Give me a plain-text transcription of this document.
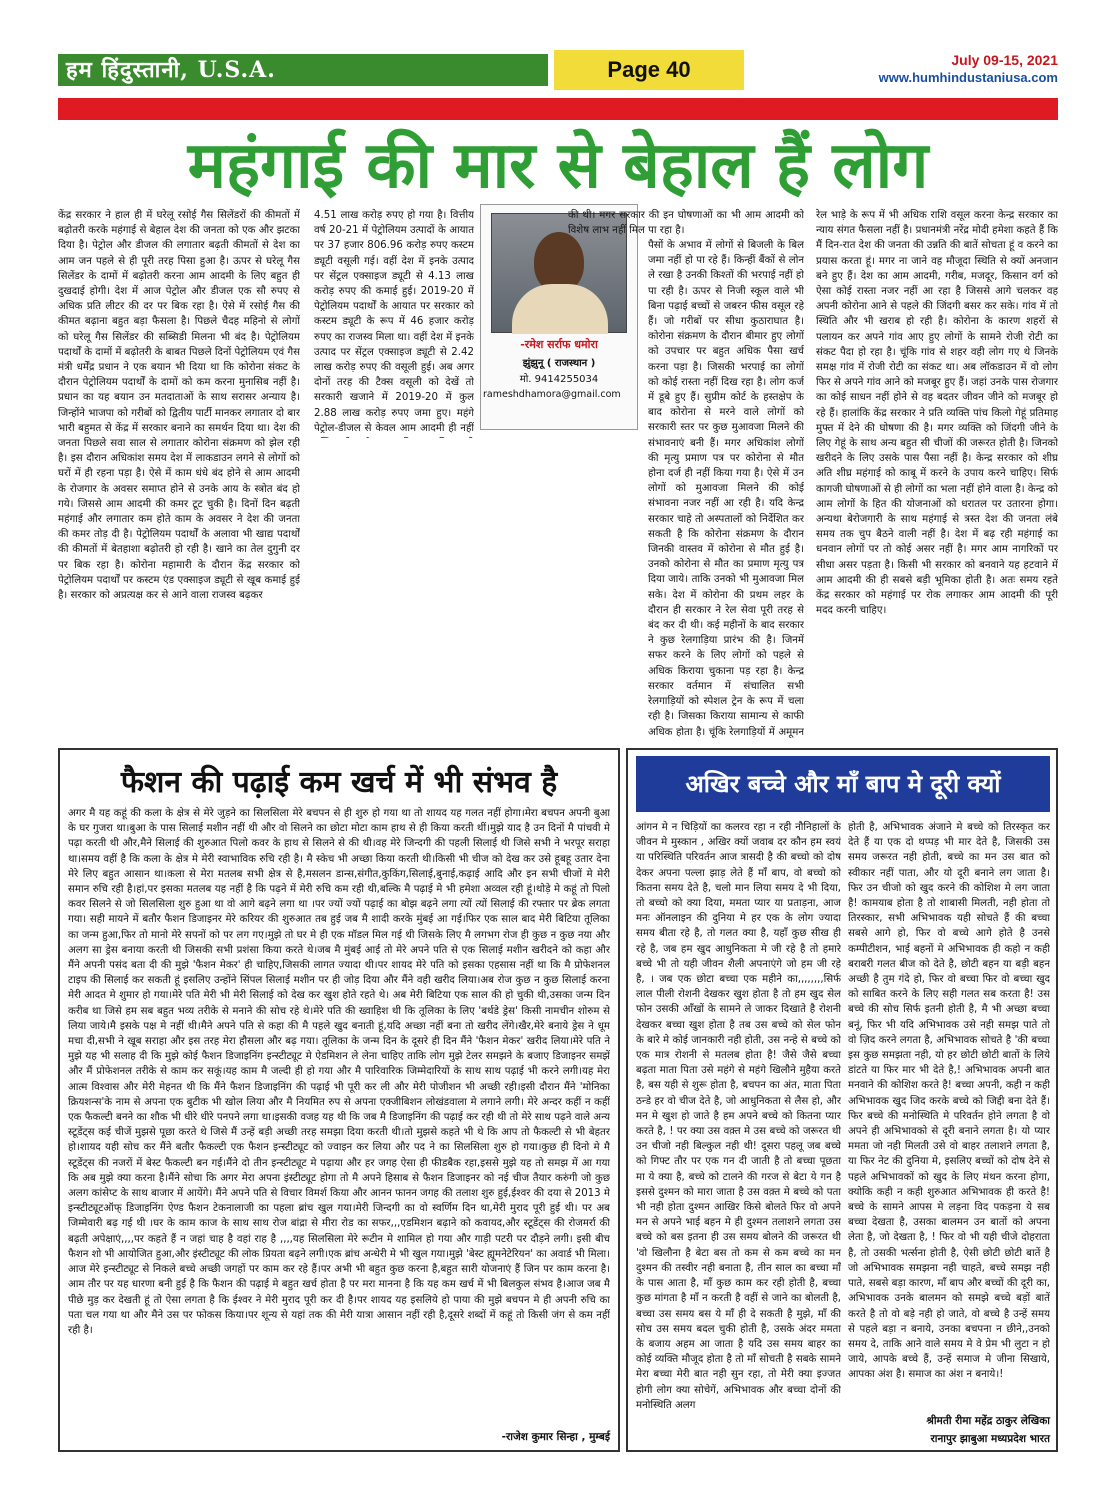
हम हिंदुस्तानी, U.S.A.	Page 40	July 09-15, 2021
www.humhindustaniusa.com
महंगाई की मार से बेहाल हैं लोग

केंद्र सरकार ने हाल ही में घरेलू रसोई गैस सिलेंडरों की कीमतों में बढ़ोतरी करके महंगाई से बेहाल देश की जनता को एक और झटका दिया है। पेट्रोल और डीजल की लगातार बढ़ती कीमतों से देश का आम जन पहले से ही पूरी तरह पिसा हुआ है। ऊपर से घरेलू गैस सिलेंडर के दामों में बढ़ोतरी करना आम आदमी के लिए बहुत ही दुखदाई होगी। देश में आज पेट्रोल और डीजल एक सौ रुपए से अधिक प्रति लीटर की दर पर बिक रहा है। ऐसे में रसोई गैस की कीमत बढ़ाना बहुत बड़ा फैसला है। पिछले चैदह महिनो से लोगों को घरेलू गैस सिलेंडर की सब्सिडी मिलना भी बंद है। पेट्रोलियम पदार्थों के दामों में बढ़ोतरी के बाबत पिछले दिनों पेट्रोलियम एवं गैस मंत्री धर्मेंद्र प्रधान ने एक बयान भी दिया था कि कोरोना संकट के दौरान पेट्रोलियम पदार्थों के दामों को कम करना मुनासिब नहीं है। प्रधान का यह बयान उन मतदाताओं के साथ सरासर अन्याय है। जिन्होंने भाजपा को गरीबों को द्वितीय पार्टी मानकर लगातार दो बार भारी बहुमत से केंद्र में सरकार बनाने का समर्थन दिया था। देश की जनता पिछले सवा साल से लगातार कोरोना संक्रमण को झेल रही है। इस दौरान अधिकांश समय देश में लाकडाउन लगने से लोगों को घरों में ही रहना पड़ा है। ऐसे में काम धंधे बंद होने से आम आदमी के रोजगार के अवसर समाप्त होने से उनके आय के स्त्रोत बंद हो गये। जिससे आम आदमी की कमर टूट चुकी है। दिनों दिन बढ़ती महंगाई और लगातार कम होते काम के अवसर ने देश की जनता की कमर तोड़ दी है। पेट्रोलियम पदार्थों के अलावा भी खाद्य पदार्थों की कीमतों में बेतहाशा बढ़ोतरी हो रही है। खाने का तेल दुगुनी दर पर बिक रहा है। कोरोना महामारी के दौरान केंद्र सरकार को पेट्रोलियम पदार्थों पर कस्टम एंड एक्साइज ड्यूटी से खूब कमाई हुई है। सरकार को अप्रत्यक्ष कर से आने वाला राजस्व बढ़कर

4.51 लाख करोड़ रुपए हो गया है। वित्तीय वर्ष 20-21 में पेट्रोलियम उत्पादों के आयात पर 37 हजार 806.96 करोड़ रुपए कस्टम ड्यूटी वसूली गई। वहीं देश में इनके उत्पाद पर सेंट्रल एक्साइज ड्यूटी से 4.13 लाख करोड़ रुपए की कमाई हुई। 2019-20 में पेट्रोलियम पदार्थों के आयात पर सरकार को कस्टम ड्यूटी के रूप में 46 हजार करोड़ रुपए का राजस्व मिला था। वहीं देश में इनके उत्पाद पर सेंट्रल एक्साइज ड्यूटी से 2.42 लाख करोड़ रुपए की वसूली हुई। अब अगर दोनों तरह की टैक्स वसूली को देखें तो सरकारी खजाने में 2019-20 में कुल 2.88 लाख करोड़ रुपए जमा हुए। महंगे पेट्रोल-डीजल से केवल आम आदमी ही नहीं

-रमेश सर्राफ धमोरा
झुंझुनू ( राजस्थान )
मो. 9414255034
rameshdhamora@gmail.com

की थी। मगर सरकार की इन घोषणाओं का भी आम आदमी को विशेष लाभ नहीं मिल पा रहा है।

पैसों के अभाव में लोगों से बिजली के बिल जमा नहीं हो पा रहे हैं। किन्हीं बैंकों से लोन ले रखा है उनकी किश्तों की भरपाई नहीं हो पा रही है। ऊपर से निजी स्कूल वाले भी बिना पढ़ाई बच्चों से जबरन फीस वसूल रहे हैं। जो गरीबों पर सीधा कुठाराघात है। कोरोना संक्रमण के दौरान बीमार हुए लोगों को उपचार पर बहुत अधिक पैसा खर्च करना पड़ा है। जिसकी भरपाई का लोगों को कोई रास्ता नहीं दिख रहा है। लोग कर्ज में डूबे हुए हैं। सुप्रीम कोर्ट के हस्तक्षेप के बाद कोरोना से मरने वाले लोगों को सरकारी स्तर पर कुछ मुआवजा मिलने की संभावनाएं बनी हैं। मगर अधिकांश लोगों की मृत्यु प्रमाण पत्र पर कोरोना से मौत होना दर्ज ही नहीं किया गया है। ऐसे में उन लोगों को मुआवजा मिलने की कोई संभावना नजर नहीं आ रही है। यदि केन्द्र सरकार चाहे तो अस्पतालों को निर्देशित कर सकती है कि कोरोना संक्रमण के दौरान जिनकी वास्तव में कोरोना से मौत हुई है। उनको कोरोना से मौत का प्रमाण मृत्यु पत्र दिया जाये। ताकि उनको भी मुआवजा मिल सके। देश में कोरोना की प्रथम लहर के दौरान ही सरकार ने रेल सेवा पूरी तरह से बंद कर दी थी। कई महीनों के बाद सरकार ने कुछ रेलगाड़िया प्रारंभ की है। जिनमें सफर करने के लिए लोगों को पहले से अधिक किराया चुकाना पड़ रहा है। केन्द्र सरकार वर्तमान में संचालित सभी रेलगाड़ियों को स्पेशल ट्रेन के रूप में चला रही है। जिसका किराया सामान्य से काफी अधिक होता है। चूंकि रेलगाड़ियों में अमूमन

रेल भाड़े के रूप में भी अधिक राशि वसूल करना केन्द्र सरकार का न्याय संगत फैसला नहीं है। प्रधानमंत्री नरेंद्र मोदी हमेशा कहते हैं कि मैं दिन-रात देश की जनता की उन्नति की बातें सोचता हूं व करने का प्रयास करता हूं। मगर ना जाने वह मौजूदा स्थिति से क्यों अनजान बने हुए हैं। देश का आम आदमी, गरीब, मजदूर, किसान वर्ग को ऐसा कोई रास्ता नजर नहीं आ रहा है जिससे आगे चलकर वह अपनी कोरोना आने से पहले की जिंदगी बसर कर सके। गांव में तो स्थिति और भी खराब हो रही है। कोरोना के कारण शहरों से पलायन कर अपने गांव आए हुए लोगों के सामने रोजी रोटी का संकट पैदा हो रहा है। चूंकि गांव से शहर वही लोग गए थे जिनके समक्ष गांव में रोजी रोटी का संकट था। अब लॉकडाउन में वो लोग फिर से अपने गांव आने को मजबूर हुए हैं। जहां उनके पास रोजगार का कोई साधन नहीं होने से वह बदतर जीवन जीने को मजबूर हो रहे हैं। हालांकि केंद्र सरकार ने प्रति व्यक्ति पांच किलो गेहूं प्रतिमाह मुफ्त में देने की घोषणा की है। मगर व्यक्ति को जिंदगी जीने के लिए गेहूं के साथ अन्य बहुत सी चीजों की जरूरत होती है। जिनको खरीदने के लिए उसके पास पैसा नहीं है। केन्द्र सरकार को शीघ्र अति शीघ्र महंगाई को काबू में करने के उपाय करने चाहिए। सिर्फ कागजी घोषणाओं से ही लोगों का भला नहीं होने वाला है। केन्द्र को आम लोगों के हित की योजनाओं को धरातल पर उतारना होगा। अन्यथा बेरोजगारी के साथ महंगाई से त्रस्त देश की जनता लंबे समय तक चुप बैठने वाली नहीं है। देश में बढ़ रही महंगाई का धनवान लोगों पर तो कोई असर नहीं है। मगर आम नागरिकों पर सीधा असर पड़ता है। किसी भी सरकार को बनवाने यह हटवाने में आम आदमी की ही सबसे बड़ी भूमिका होती है। अतः समय रहते केंद्र सरकार को महंगाई पर रोक लगाकर आम आदमी की पूरी मदद करनी चाहिए।

फैशन की पढ़ाई कम खर्च में भी संभव है

अगर मै यह कहूं की कला के क्षेत्र से मेरे जुड़ने का सिलसिला मेरे बचपन से ही शुरु हो गया था तो शायद यह गलत नहीं होगा।मेरा बचपन अपनी बुआ के घर गुजरा था।बुआ के पास सिलाई मशीन नहीं थी और वो सिलने का छोटा मोटा काम हाथ से ही किया करती थीं।मुझे याद है उन दिनों मै पांचवी मे पढ़ा करती थी और,मैने सिलाई की शुरुआत पिलो कवर के हाथ से सिलने से की थी।वह मेरे जिन्दगी की पहली सिलाई थी जिसे सभी ने भरपूर सराहा था।समय वहीं है कि कला के क्षेत्र मे मेरी स्वाभाविक रुचि रही है। मै स्केच भी अच्छा किया करती थी।किसी भी चीज को देख कर उसे हूबहू उतार देना मेरे लिए बहुत आसान था।कला से मेरा मतलब सभी क्षेत्र से है,मसलन डान्स,संगीत,कुकिंग,सिलाई,बुनाई,कढ़ाई आदि और इन सभी चीजों मे मेरी समान रुचि रही है।हां,पर इसका मतलब यह नहीं है कि पढ़ने में मेरी रुचि कम रही थी,बल्कि मै पढ़ाई मे भी हमेशा अव्वल रही हूं।थोड़े मे कहूं तो पिलो कवर सिलने से जो सिलसिला शुरु हुआ था वो आगे बढ़ने लगा था ।पर ज्यों ज्यों पढ़ाई का बोझ बढ़ने लगा त्यों त्यों सिलाई की रफ्तार पर ब्रेक लगता गया। सही मायने में बतौर फैशन डिजाइनर मेरे करियर की शुरुआत तब हुई जब मै शादी करके मुंबई आ गई।फिर एक साल बाद मेरी बिटिया तूलिका का जन्म हुआ,फिर तो मानो मेरे सपनों को पर लग गए।मुझे तो घर मे ही एक मॉडल मिल गई थी जिसके लिए मै लगभग रोज ही कुछ न कुछ नया और अलग सा ड्रेस बनाया करती थी जिसकी सभी प्रशंसा किया करते थे।जब मै मुंबई आई तो मेरे अपने पति से एक सिलाई मशीन खरीदने को कहा और मैंने अपनी पसंद बता दी की मुझे 'फैशन मेकर' ही चाहिए,जिसकी लागत ज्यादा थी।पर शायद मेरे पति को इसका एहसास नहीं था कि मै प्रोफेशनल टाइप की सिलाई कर सकती हूं इसलिए उन्होंने सिंपल सिलाई मशीन पर ही जोड़ दिया और मैंने वही खरीद लिया।अब रोज कुछ न कुछ सिलाई करना मेरी आदत मे शुमार हो गया।मेरे पति मेरी भी मेरी सिलाई को देख कर खुश होते रहते थे। अब मेरी बिटिया एक साल की हो चुकी थी,उसका जन्म दिन करीब था जिसे हम सब बहुत भव्य तरीके से मनाने की सोच रहे थे।मेरे पति की ख्वाहिश थी कि तूलिका के लिए 'बर्थडे ड्रेस' किसी नामचीन शोरुम से लिया जाये।मै इसके पक्ष मे नहीं थी।मैने अपने पति से कहा की मै पहले खुद बनाती हूं,यदि अच्छा नहीं बना तो खरीद लेंगे।खैर,मेरे बनाये ड्रेस ने धूम मचा दी,सभी ने खूब सराहा और इस तरह मेरा हौसला और बढ़ गया। तूलिका के जन्म दिन के दूसरे ही दिन मैंने 'फैशन मेकर' खरीद लिया।मेरे पति ने मुझे यह भी सलाह दी कि मुझे कोई फैशन डिजाइनिंग इन्स्टीट्यूट मे ऐडमिशन ले लेना चाहिए ताकि लोग मुझे टेलर समझने के बजाए डिजाइनर समझें और मैं प्रोफेशनल तरीके से काम कर सकूं।यह काम मै जल्दी ही हो गया और मै पारिवारिक जिम्मेदारियों के साथ साथ पढ़ाई भी करने लगी।यह मेरा आत्म विश्वास और मेरी मेहनत थी कि मैंने फैशन डिजाइनिंग की पढ़ाई भी पूरी कर ली और मेरी पोजीशन भी अच्छी रही।इसी दौरान मैंने 'मोनिका क्रियशन्स'के नाम से अपना एक बुटीक भी खोल लिया और मै नियमित रुप से अपना एक्जीबिशन लोखंडवाला मे लगाने लगी। मेरे अन्दर कहीं न कहीं एक फैकल्टी बनने का शौक भी धीरे धीरे पनपने लगा था।इसकी वजह यह थी कि जब मै डिजाइनिंग की पढ़ाई कर रही थी तो मेरे साथ पढ़ने वाले अन्य स्टूडेंट्स कई चीजें मुझसे पूछा करते थे जिसे मैं उन्हें बड़ी अच्छी तरह समझा दिया करती थी।तो मुझसे कहते भी थे कि आप तो फैकल्टी से भी बेहतर हो।शायद यही सोच कर मैंने बतौर फैकल्टी एक फैशन इन्स्टीट्यूट को ज्वाइन कर लिया और पद ने का सिलसिला शुरु हो गया।कुछ ही दिनो मे मै स्टूडेंट्स की नजरों में बेस्ट फैकल्टी बन गई।मैंने दो तीन इन्स्टीट्यूट मे पढ़ाया और हर जगह ऐसा ही फीडबैक रहा,इससे मुझे यह तो समझ में आ गया कि अब मुझे क्या करना है।मैंने सोचा कि अगर मेरा अपना इंस्टीट्यूट होगा तो मै अपने हिसाब से फैशन डिजाइनर को नई चीज तैयार करुंगी जो कुछ अलग कांसेप्ट के साथ बाजार में आयेंगे। मैंने अपने पति से विचार विमर्श किया और आनन फानन जगह की तलाश शुरु हुई,ईश्वर की दया से 2013 मे इन्स्टीट्यूटऑफ् डिजाइनिंग ऐण्ड फैशन टेकनालाजी का पहला ब्रांच खुल गया।मेरी जिन्दगी का वो स्वर्णिम दिन था,मेरी मुराद पूरी हुई थी। पर अब जिम्मेवारी बढ़ गई थी ।घर के काम काज के साथ साथ रोज बांद्रा से मीरा रोड का सफर,,,एडमिशन बढ़ाने को कवायद,और स्टूडेंट्स की रोजमर्रा की बढ़ती अपेक्षाएं,,,,पर कहते हैं न जहां चाह है वहां राह है ,,,,यह सिलसिला मेरे रूटीन मे शामिल हो गया और गाड़ी पटरी पर दौड़ने लगी। इसी बीच फैशन शो भी आयोजित हुआ,और इंस्टीट्यूट की लोक प्रियता बढ़ने लगी।एक ब्रांच अन्धेरी मे भी खुल गया।मुझे 'बेस्ट ह्यूमनेटेरियन' का अवार्ड भी मिला।आज मेरे इन्स्टीट्यूट से निकले बच्चे अच्छी जगहों पर काम कर रहे हैं।पर अभी भी बहुत कुछ करना है,बहुत सारी योजनाएं हैं जिन पर काम करना है।आम तौर पर यह धारणा बनी हुई है कि फैशन की पढ़ाई मे बहुत खर्च होता है पर मरा मानना है कि यह कम खर्च में भी बिलकुल संभव है।आज जब मै पीछे मुड़ कर देखती हूं तो ऐसा लगता है कि ईश्वर ने मेरी मुराद पूरी कर दी है।पर शायद यह इसलिये हो पाया की मुझे बचपन मे ही अपनी रुचि का पता चल गया था और मैने उस पर फोकस किया।पर शून्य से यहां तक की मेरी यात्रा आसान नहीं रही है,दूसरे शब्दों में कहूं तो किसी जंग से कम नहीं रही है।

-राजेश कुमार सिन्हा , मुम्बई
अखिर बच्चे और माँ बाप मे दूरी क्यों

आंगन मे न चिड़ियों का कलरव रहा न रही नौनिहालों के जीवन मे मुस्कान , अखिर क्यों जवाब दर कौन हम स्वयं या परिस्थिति परिवर्तन आज त्रासदी है की बच्चो को दोष देकर अपना पल्ला झाड़ लेते हैं माँ बाप, वो बच्चो को कितना समय देते है, चलो मान लिया समय दे भी दिया, तो बच्चो को क्या दिया, ममता प्यार या प्रताड़ना, आज मनः ऑनलाइन की दुनिया मे हर एक के लोग ज्यादा समय बीता रहे है, तो गलत क्या है, यहाँ कुछ सीख ही रहे है, जब हम खुद आधुनिकता मे जी रहे है तो हमारे बच्चे भी तो यही जीवन शैली अपनाएंगे जो हम जी रहे है, । जब एक छोटा बच्चा एक महीने का,,,,,,,,सिर्फ लाल पीली रोशनी देखकर खुश होता है तो हम खुद सेल फोन उसकी आँखों के सामने ले जाकर दिखाते है रोशनी देखकर बच्चा खुश होता है तब उस बच्चे को सेल फोन के बारे मे कोई जानकारी नही होती, उस नन्हे से बच्चे को एक मात्र रोशनी से मतलब होता है! जैसे जैसे बच्चा बढ़ता माता पिता उसे महंगे से महंगे खिलौने मुहैया करते है, बस यही से शुरू होता है, बचपन का अंत, माता पिता ठन्डे हर वो चीज देते है, जो आधुनिकता से लैस हो, और मन मे खुश हो जाते है हम अपने बच्चे को कितना प्यार करते है, ! पर क्या उस वक़्त मे उस बच्चे को जरूरत थी उन चीजो नही बिल्कुल नही थी! दूसरा पहलू जब बच्चे को गिफ्ट तौर पर एक गन दी जाती है तो बच्चा पूछता मा ये क्या है, बच्चे को टालने की गरज से बेटा ये गन है इससे दुश्मन को मारा जाता है उस वक़्त मे बच्चे को पता भी नही होता दुश्मन आखिर किसे बोलते फिर वो अपने मन से अपने भाई बहन मे ही दुश्मन तलाशने लगता उस बच्चे को बस इतना ही उस समय बोलने की जरूरत थी 'वो खिलौना है बेटा बस तो कम से कम बच्चे का मन दुश्मन की तस्वीर नही बनाता है, तीन साल का बच्चा माँ के पास आता है, माँ कुछ काम कर रही होती है, बच्चा कुछ मांगता है माँ न करती है वहीं से जाने का बोलती है, बच्चा उस समय बस ये माँ ही दे सकती है मुझे, माँ की सोच उस समय बदल चुकी होती है, उसके अंदर ममता के बजाय अहम आ जाता है यदि उस समय बाहर का कोई व्यक्ति मौजूद होता है तो माँ सोचती है सबके सामने मेरा बच्चा मेरी बात नही सुन रहा, तो मेरी क्या इज्जत होगी लोग क्या सोचेगें, अभिभावक और बच्चा दोनों की मनोस्थिति अलग

होती है, अभिभावक अंजाने मे बच्चे को तिरस्कृत कर देते हैं या एक दो थप्पड़ भी मार देते है, जिसकी उस समय जरूरत नही होती, बच्चे का मन उस बात को स्वीकार नहीं पाता, और यो दूरी बनाने लग जाता है। फिर उन चीजो को खुद करने की कोशिश मे लग जाता है! कामयाब होता है तो शाबासी मिलती, नही होता तो तिरस्कार, सभी अभिभावक यही सोचते हैं की बच्चा सबसे आगे हो, फिर वो बच्चे आगे होते है उनसे कम्पीटीशन, भाई बहनों मे अभिभावक ही कहो न कही बराबरी गलत बीज को देते है, छोटी बहन या बड़ी बहन अच्छी है तुम गंदे हो, फिर वो बच्चा फिर वो बच्चा खुद को साबित करने के लिए सही गलत सब करता है! उस बच्चे की सोच सिर्फ इतनी होती है, मै भी अच्छा बच्चा बनूं, फिर भी यदि अभिभावक उसे नही समझ पाते तो वो ज़िद करने लगता है, अभिभावक सोचते है 'की बच्चा इस कुछ समझता नही, यो हर छोटी छोटी बातों के लिये डांटते या फिर मार भी देते है,! अभिभावक अपनी बात मनवाने की कोशिश करते है! बच्चा अपनी, कही न कही अभिभावक खुद जिद करके बच्चे को जिद्दी बना देते हैं। फिर बच्चे की मनोस्थिति मे परिवर्तन होने लगता है वो अपने ही अभिभावको से दूरी बनाने लगता है। यो प्यार ममता जो नही मिलती उसे वो बाहर तलाशने लगता है, या फिर नेट की दुनिया मे, इसलिए बच्चों को दोष देने से पहले अभिभावकों को खुद के लिए मंथन करना होगा, क्योकि कही न कही शुरुआत अभिभावक ही करते है! बच्चे के सामने आपस मे लड़ना विद पकड़ना ये सब बच्चा देखता है, उसका बालमन उन बातों को अपना लेता है, जो देखता है, ! फिर वो भी यही चीजे दोहराता है, तो उसकी भर्त्सना होती है, ऐसी छोटी छोटी बातें है जो अभिभावक समझना नही चाहते, बच्चे समझ नही पाते, सबसे बड़ा कारण, माँ बाप और बच्चों की दूरी का, अभिभावक उनके बालमन को समझे बच्चे बड़ों बातें करते है तो वो बड़े नही हो जाते, वो बच्चे है उन्हें समय से पहले बड़ा न बनाये, उनका बचपना न छीने,,उनको समय दे, ताकि आने वाले समय मे वे प्रेम भी लुटा न हो जाये, आपके बच्चे हैं, उन्हें समाज मे जीना सिखाये, आपका अंश है। समाज का अंश न बनाये।!

श्रीमती रीमा महेंद्र ठाकुर लेखिका
रानापुर झाबुआ मध्यप्रदेश भारत
